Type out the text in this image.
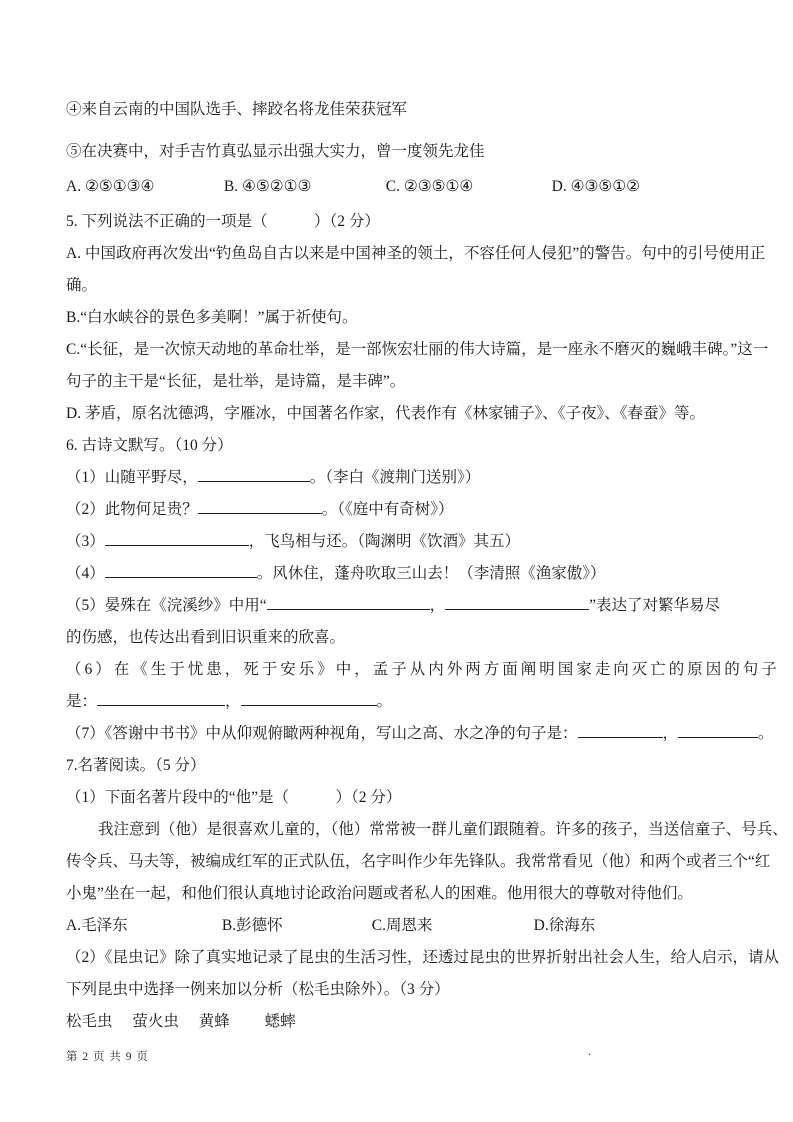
④来自云南的中国队选手、摔跤名将龙佳荣获冠军
⑤在决赛中，对手吉竹真弘显示出强大实力，曾一度领先龙佳
A. ②⑤①③④	B. ④⑤②①③	C. ②③⑤①④	D. ④③⑤①②
5. 下列说法不正确的一项是（　　　）（2 分）
A. 中国政府再次发出“钓鱼岛自古以来是中国神圣的领土，不容任何人侵犯”的警告。句中的引号使用正
确。
B.“白水峡谷的景色多美啊！”属于祈使句。
C.“长征，是一次惊天动地的革命壮举，是一部恢宏壮丽的伟大诗篇，是一座永不磨灭的巍峨丰碑。”这一
句子的主干是“长征，是壮举，是诗篇，是丰碑”。
D. 茅盾，原名沈德鸿，字雁冰，中国著名作家，代表作有《林家铺子》、《子夜》、《春蚕》等。
6. 古诗文默写。（10 分）
（1）山随平野尽，	。（李白《渡荆门送别》）
（2）此物何足贵？	。（《庭中有奇树》）
（3）	，飞鸟相与还。（陶渊明《饮酒》其五）
（4）	。风休住，蓬舟吹取三山去！（李清照《渔家傲》）
（5）晏殊在《浣溪纱》中用“	，	”表达了对繁华易尽
的伤感，也传达出看到旧识重来的欣喜。
（6）在《生于忧患，死于安乐》中，孟子从内外两方面阐明国家走向灭亡的原因的句子
是：	，	。
（7）《答谢中书书》中从仰观俯瞰两种视角，写山之高、水之净的句子是：	，	。
7.名著阅读。（5 分）
（1）下面名著片段中的“他”是（　　　）（2 分）
我注意到（他）是很喜欢儿童的，（他）常常被一群儿童们跟随着。许多的孩子，当送信童子、号兵、
传令兵、马夫等，被编成红军的正式队伍，名字叫作少年先锋队。我常常看见（他）和两个或者三个“红
小鬼”坐在一起，和他们很认真地讨论政治问题或者私人的困难。他用很大的尊敬对待他们。
A.毛泽东	B.彭德怀	C.周恩来	D.徐海东
（2）《昆虫记》除了真实地记录了昆虫的生活习性，还透过昆虫的世界折射出社会人生，给人启示，请从
下列昆虫中选择一例来加以分析（松毛虫除外）。（3 分）
松毛虫 萤火虫 黄蜂 蟋蟀
第 2 页 共 9 页	.
